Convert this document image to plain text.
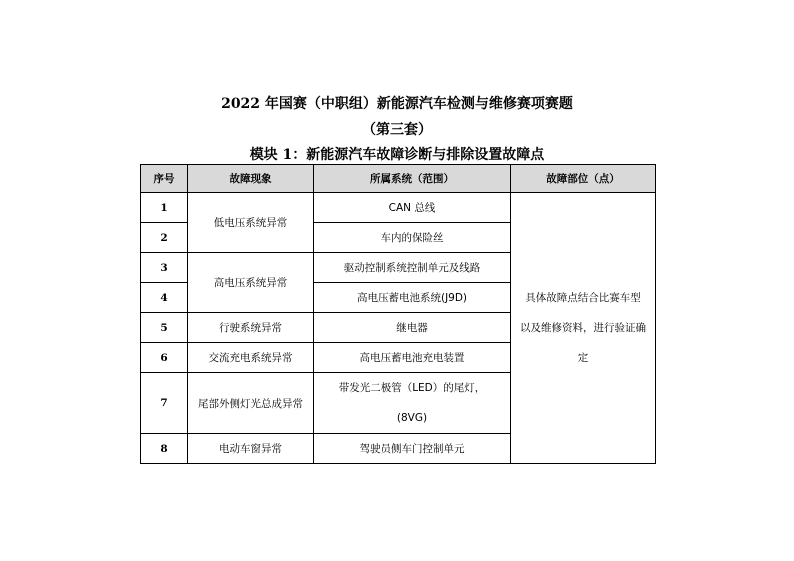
2022 年国赛（中职组）新能源汽车检测与维修赛项赛题
（第三套）
模块 1：新能源汽车故障诊断与排除设置故障点
序号	故障现象	所属系统（范围）	故障部位（点）
1	低电压系统异常	CAN 总线	具体故障点结合比赛车型
以及维修资料，进行验证确
定

2		车内的保险丝	
3	高电压系统异常	驱动控制系统控制单元及线路	
4		高电压蓄电池系统(J9D)	
5	行驶系统异常	继电器	
6	交流充电系统异常	高电压蓄电池充电装置	
7	尾部外侧灯光总成异常	带发光二极管（LED）的尾灯，
(8VG)	

8	电动车窗异常	驾驶员侧车门控制单元	
